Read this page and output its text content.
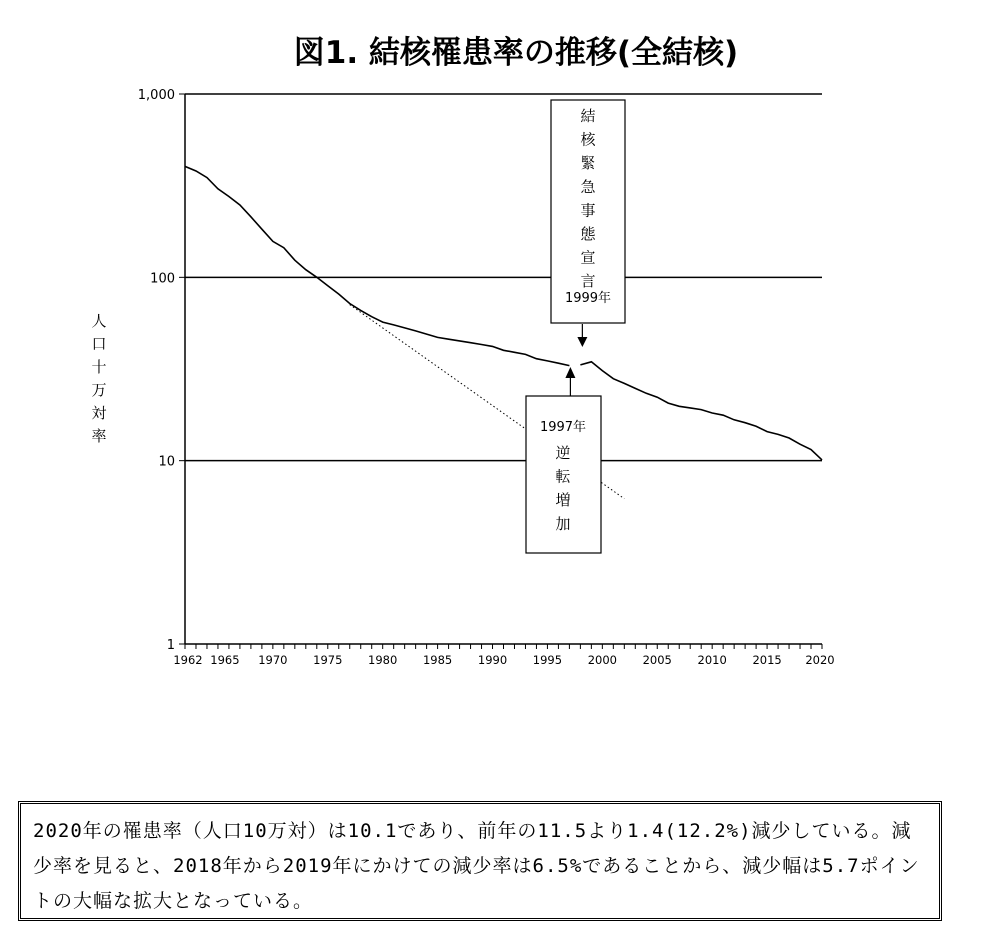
図1. 結核罹患率の推移(全結核)
人
口
十
万
対
率
1
10
100
1,000
1962 1965 1970 1975 1980 1985 1990 1995 2000 2005 2010 2015 2020
結
核
緊
急
事
態
宣
言
1999年
1997年
逆
転
増
加
2020年の罹患率（人口10万対）は10.1であり、前年の11.5より1.4(12.2%)減少している。減少率を見ると、2018年から2019年にかけての減少率は6.5%であることから、減少幅は5.7ポイントの大幅な拡大となっている。
